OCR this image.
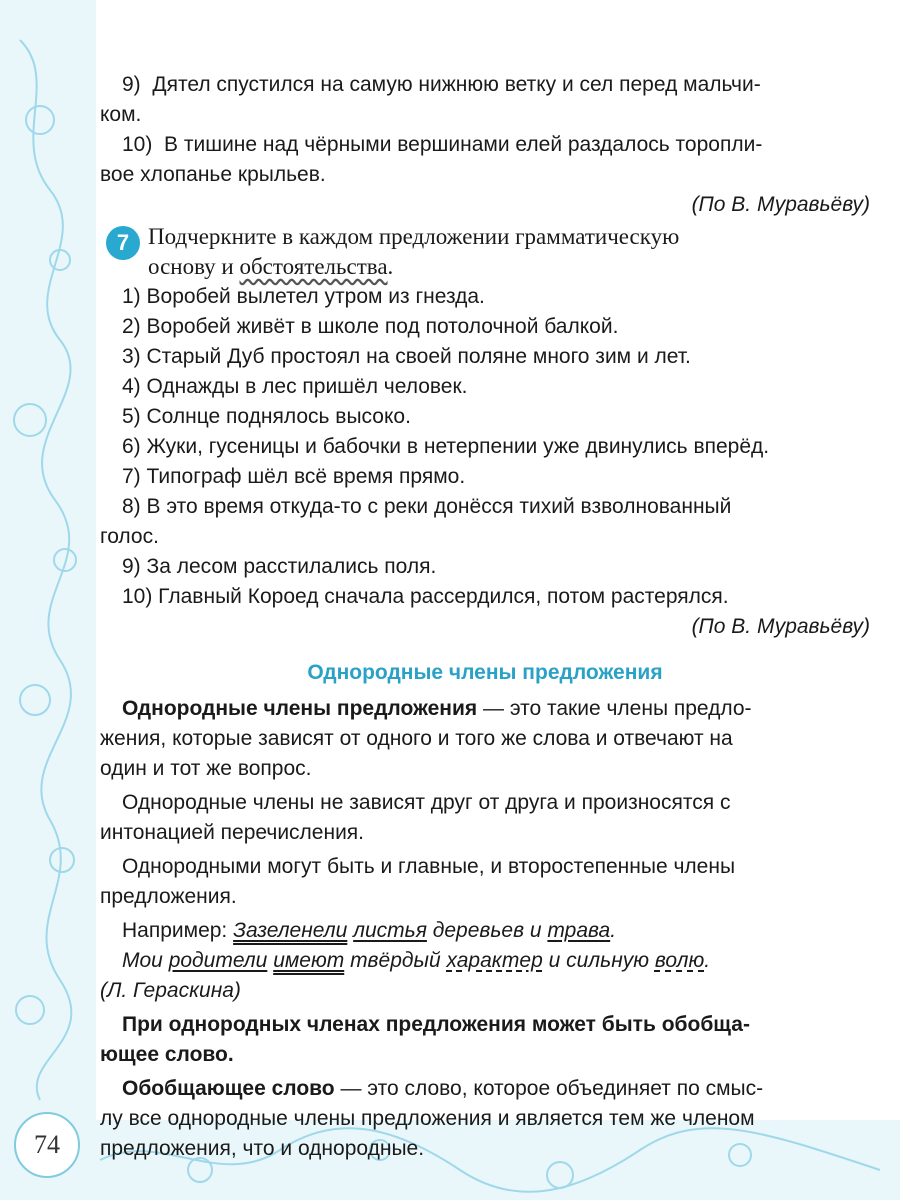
9) Дятел спустился на самую нижнюю ветку и сел перед мальчи-
ком.
10) В тишине над чёрными вершинами елей раздалось торопли-
вое хлопанье крыльев.
(По В. Муравьёву)
7 Подчеркните в каждом предложении грамматическую
основу и обстоятельства.
1) Воробей вылетел утром из гнезда.
2) Воробей живёт в школе под потолочной балкой.
3) Старый Дуб простоял на своей поляне много зим и лет.
4) Однажды в лес пришёл человек.
5) Солнце поднялось высоко.
6) Жуки, гусеницы и бабочки в нетерпении уже двинулись вперёд.
7) Типограф шёл всё время прямо.
8) В это время откуда-то с реки донёсся тихий взволнованный
голос.
9) За лесом расстилались поля.
10) Главный Короед сначала рассердился, потом растерялся.
(По В. Муравьёву)
Однородные члены предложения
Однородные члены предложения — это такие члены предло-
жения, которые зависят от одного и того же слова и отвечают на
один и тот же вопрос.
Однородные члены не зависят друг от друга и произносятся с
интонацией перечисления.
Однородными могут быть и главные, и второстепенные члены
предложения.
Например: Зазеленели листья деревьев и трава.
Мои родители имеют твёрдый характер и сильную волю.
(Л. Гераскина)
При однородных членах предложения может быть обобща-
ющее слово.
Обобщающее слово — это слово, которое объединяет по смыс-
лу все однородные члены предложения и является тем же членом
предложения, что и однородные.
74
